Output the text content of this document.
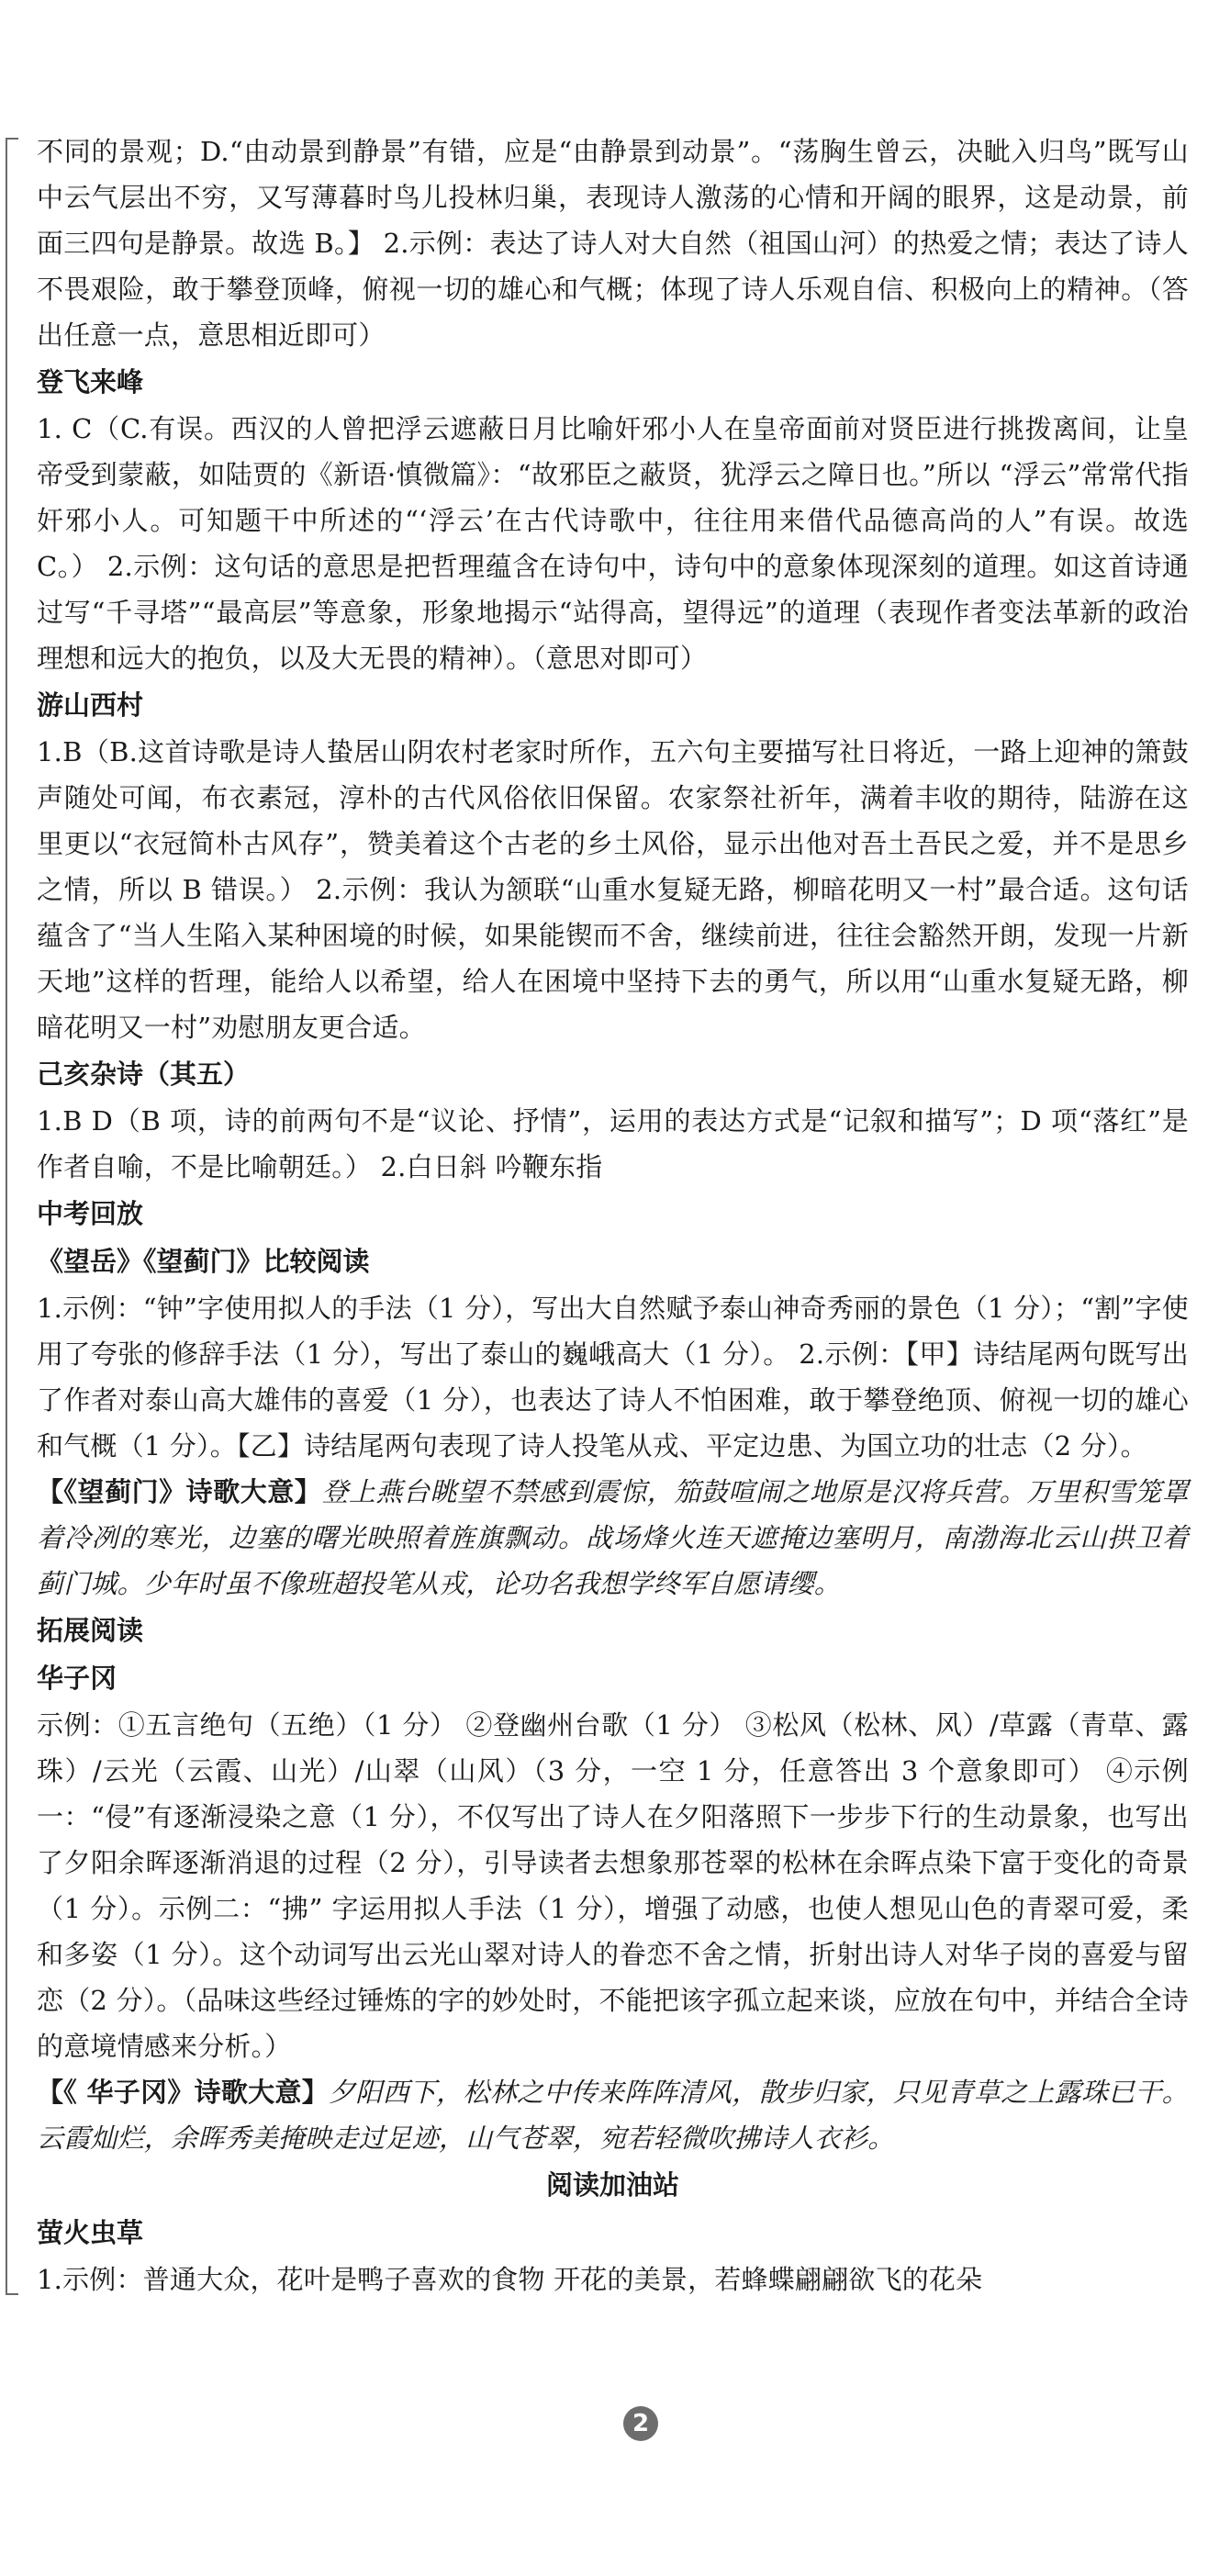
不同的景观；D.“由动景到静景”有错，应是“由静景到动景”。“荡胸生曾云，决眦入归鸟”既写山中云气层出不穷，又写薄暮时鸟儿投林归巢，表现诗人激荡的心情和开阔的眼界，这是动景，前面三四句是静景。故选 B。】 2.示例：表达了诗人对大自然（祖国山河）的热爱之情；表达了诗人不畏艰险，敢于攀登顶峰，俯视一切的雄心和气概；体现了诗人乐观自信、积极向上的精神。（答出任意一点，意思相近即可）

登飞来峰

1. C（C.有误。西汉的人曾把浮云遮蔽日月比喻奸邪小人在皇帝面前对贤臣进行挑拨离间，让皇帝受到蒙蔽，如陆贾的《新语·慎微篇》：“故邪臣之蔽贤，犹浮云之障日也。”所以 “浮云”常常代指奸邪小人。可知题干中所述的“‘浮云’在古代诗歌中，往往用来借代品德高尚的人”有误。故选 C。） 2.示例：这句话的意思是把哲理蕴含在诗句中，诗句中的意象体现深刻的道理。如这首诗通过写“千寻塔”“最高层”等意象，形象地揭示“站得高，望得远”的道理（表现作者变法革新的政治理想和远大的抱负，以及大无畏的精神）。（意思对即可）

游山西村

1.B（B.这首诗歌是诗人蛰居山阴农村老家时所作，五六句主要描写社日将近，一路上迎神的箫鼓声随处可闻，布衣素冠，淳朴的古代风俗依旧保留。农家祭社祈年，满着丰收的期待，陆游在这里更以“衣冠简朴古风存”，赞美着这个古老的乡土风俗，显示出他对吾土吾民之爱，并不是思乡之情，所以 B 错误。） 2.示例：我认为颔联“山重水复疑无路，柳暗花明又一村”最合适。这句话蕴含了“当人生陷入某种困境的时候，如果能锲而不舍，继续前进，往往会豁然开朗，发现一片新天地”这样的哲理，能给人以希望，给人在困境中坚持下去的勇气，所以用“山重水复疑无路，柳暗花明又一村”劝慰朋友更合适。

己亥杂诗（其五）

1.B D（B 项，诗的前两句不是“议论、抒情”，运用的表达方式是“记叙和描写”；D 项“落红”是作者自喻，不是比喻朝廷。） 2.白日斜 吟鞭东指

中考回放

《望岳》《望蓟门》比较阅读

1.示例：“钟”字使用拟人的手法（1 分），写出大自然赋予泰山神奇秀丽的景色（1 分）；“割”字使用了夸张的修辞手法（1 分），写出了泰山的巍峨高大（1 分）。 2.示例：【甲】诗结尾两句既写出了作者对泰山高大雄伟的喜爱（1 分），也表达了诗人不怕困难，敢于攀登绝顶、俯视一切的雄心和气概（1 分）。【乙】诗结尾两句表现了诗人投笔从戎、平定边患、为国立功的壮志（2 分）。

【《望蓟门》诗歌大意】登上燕台眺望不禁感到震惊，笳鼓喧闹之地原是汉将兵营。万里积雪笼罩着冷冽的寒光，边塞的曙光映照着旌旗飘动。战场烽火连天遮掩边塞明月，南渤海北云山拱卫着蓟门城。少年时虽不像班超投笔从戎，论功名我想学终军自愿请缨。

拓展阅读

华子冈

示例：①五言绝句（五绝）（1 分） ②登幽州台歌（1 分） ③松风（松林、风）/草露（青草、露珠）/云光（云霞、山光）/山翠（山风）（3 分，一空 1 分，任意答出 3 个意象即可） ④示例一：“侵”有逐渐浸染之意（1 分），不仅写出了诗人在夕阳落照下一步步下行的生动景象，也写出了夕阳余晖逐渐消退的过程（2 分），引导读者去想象那苍翠的松林在余晖点染下富于变化的奇景（1 分）。示例二：“拂” 字运用拟人手法（1 分），增强了动感，也使人想见山色的青翠可爱，柔和多姿（1 分）。这个动词写出云光山翠对诗人的眷恋不舍之情，折射出诗人对华子岗的喜爱与留恋（2 分）。（品味这些经过锤炼的字的妙处时，不能把该字孤立起来谈，应放在句中，并结合全诗的意境情感来分析。）

【《 华子冈》诗歌大意】夕阳西下，松林之中传来阵阵清风，散步归家，只见青草之上露珠已干。云霞灿烂，余晖秀美掩映走过足迹，山气苍翠，宛若轻微吹拂诗人衣衫。

阅读加油站

萤火虫草

1.示例：普通大众，花叶是鸭子喜欢的食物 开花的美景，若蜂蝶翩翩欲飞的花朵

2
